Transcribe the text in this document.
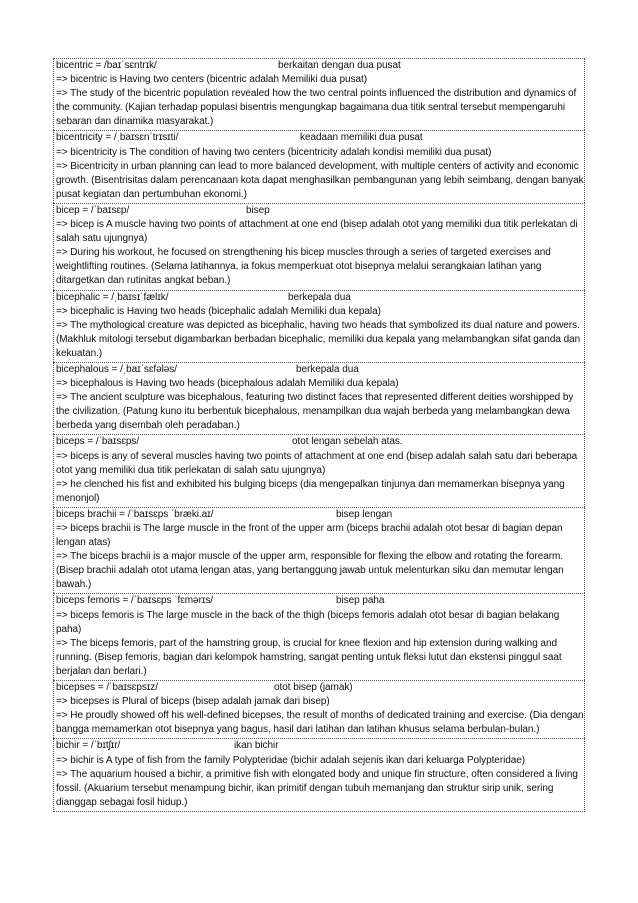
bicentric = /baɪˈsɛntrɪk/	berkaitan dengan dua pusat
=> bicentric is Having two centers (bicentric adalah Memiliki dua pusat)
=> The study of the bicentric population revealed how the two central points influenced the distribution and dynamics of the community. (Kajian terhadap populasi bisentris mengungkap bagaimana dua titik sentral tersebut mempengaruhi sebaran dan dinamika masyarakat.)
bicentricity = /ˌbaɪsɛnˈtrɪsɪti/	keadaan memiliki dua pusat
=> bicentricity is The condition of having two centers (bicentricity adalah kondisi memiliki dua pusat)
=> Bicentricity in urban planning can lead to more balanced development, with multiple centers of activity and economic growth. (Bisentrisitas dalam perencanaan kota dapat menghasilkan pembangunan yang lebih seimbang, dengan banyak pusat kegiatan dan pertumbuhan ekonomi.)
bicep = /ˈbaɪsɛp/	bisep
=> bicep is A muscle having two points of attachment at one end (bisep adalah otot yang memiliki dua titik perlekatan di salah satu ujungnya)
=> During his workout, he focused on strengthening his bicep muscles through a series of targeted exercises and weightlifting routines. (Selama latihannya, ia fokus memperkuat otot bisepnya melalui serangkaian latihan yang ditargetkan dan rutinitas angkat beban.)
bicephalic = /ˌbaɪsɪˈfælɪk/	berkepala dua
=> bicephalic is Having two heads (bicephalic adalah Memiliki dua kepala)
=> The mythological creature was depicted as bicephalic, having two heads that symbolized its dual nature and powers. (Makhluk mitologi tersebut digambarkan berbadan bicephalic, memiliki dua kepala yang melambangkan sifat ganda dan kekuatan.)
bicephalous = /ˌbaɪˈsɛfələs/	berkepala dua
=> bicephalous is Having two heads (bicephalous adalah Memiliki dua kepala)
=> The ancient sculpture was bicephalous, featuring two distinct faces that represented different deities worshipped by the civilization. (Patung kuno itu berbentuk bicephalous, menampilkan dua wajah berbeda yang melambangkan dewa berbeda yang disembah oleh peradaban.)
biceps = /ˈbaɪsɛps/	otot lengan sebelah atas.
=> biceps is any of several muscles having two points of attachment at one end (bisep adalah salah satu dari beberapa otot yang memiliki dua titik perlekatan di salah satu ujungnya)
=> he clenched his fist and exhibited his bulging biceps (dia mengepalkan tinjunya dan memamerkan bisepnya yang menonjol)
biceps brachii = /ˈbaɪsɛps ˈbræki.aɪ/	bisep lengan
=> biceps brachii is The large muscle in the front of the upper arm (biceps brachii adalah otot besar di bagian depan lengan atas)
=> The biceps brachii is a major muscle of the upper arm, responsible for flexing the elbow and rotating the forearm. (Bisep brachii adalah otot utama lengan atas, yang bertanggung jawab untuk melenturkan siku dan memutar lengan bawah.)
biceps femoris = /ˈbaɪsɛps ˈfɛmərɪs/	bisep paha
=> biceps femoris is The large muscle in the back of the thigh (biceps femoris adalah otot besar di bagian belakang paha)
=> The biceps femoris, part of the hamstring group, is crucial for knee flexion and hip extension during walking and running. (Bisep femoris, bagian dari kelompok hamstring, sangat penting untuk fleksi lutut dan ekstensi pinggul saat berjalan dan berlari.)
bicepses = /ˈbaɪsɛpsɪz/	otot bisep (jamak)
=> bicepses is Plural of biceps (bisep adalah jamak dari bisep)
=> He proudly showed off his well-defined bicepses, the result of months of dedicated training and exercise. (Dia dengan bangga memamerkan otot bisepnya yang bagus, hasil dari latihan dan latihan khusus selama berbulan-bulan.)
bichir = /ˈbɪtʃɪr/	ikan bichir
=> bichir is A type of fish from the family Polypteridae (bichir adalah sejenis ikan dari keluarga Polypteridae)
=> The aquarium housed a bichir, a primitive fish with elongated body and unique fin structure, often considered a living fossil. (Akuarium tersebut menampung bichir, ikan primitif dengan tubuh memanjang dan struktur sirip unik, sering dianggap sebagai fosil hidup.)
